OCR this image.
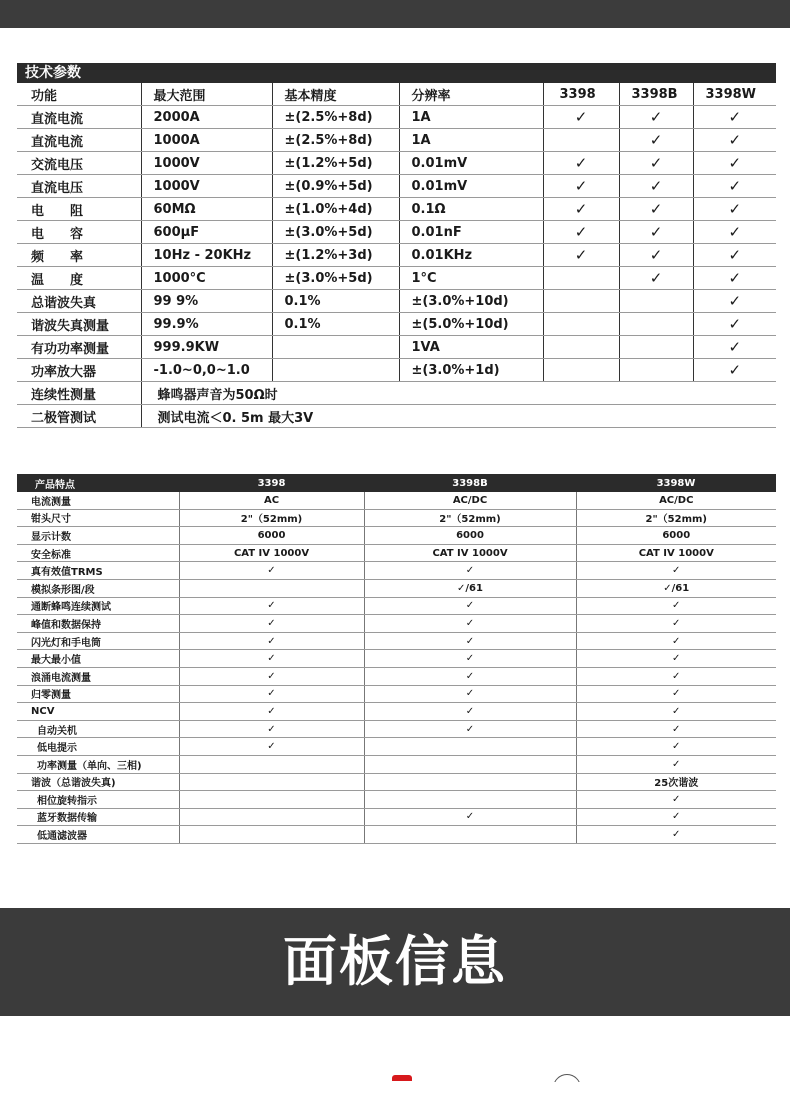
技术参数
功能	最大范围	基本精度	分辨率	3398	3398B	3398W
直流电流	2000A	±(2.5%+8d)	1A	✓	✓	✓
直流电流	1000A	±(2.5%+8d)	1A		✓	✓
交流电压	1000V	±(1.2%+5d)	0.01mV	✓	✓	✓
直流电压	1000V	±(0.9%+5d)	0.01mV	✓	✓	✓
电　　阻	60MΩ	±(1.0%+4d)	0.1Ω	✓	✓	✓
电　　容	600μF	±(3.0%+5d)	0.01nF	✓	✓	✓
频　　率	10Hz - 20KHz	±(1.2%+3d)	0.01KHz	✓	✓	✓
温　　度	1000°C	±(3.0%+5d)	1°C		✓	✓
总谐波失真	99 9%	0.1%	±(3.0%+10d)			✓
谐波失真测量	99.9%	0.1%	±(5.0%+10d)			✓
有功功率测量	999.9KW		1VA			✓
功率放大器	-1.0~0,0~1.0		±(3.0%+1d)			✓
连续性测量	蜂鸣器声音为50Ω时					
二极管测试	测试电流＜0. 5m 最大3V					
产品特点	3398	3398B	3398W
电流测量	AC	AC/DC	AC/DC
钳头尺寸	2"（52mm)	2"（52mm)	2"（52mm)
显示计数	6000	6000	6000
安全标准	CAT IV 1000V	CAT IV 1000V	CAT IV 1000V
真有效值TRMS	✓	✓	✓
模拟条形图/段		✓/61	✓/61
通断蜂鸣连续测试	✓	✓	✓
峰值和数据保持	✓	✓	✓
闪光灯和手电筒	✓	✓	✓
最大最小值	✓	✓	✓
浪涌电流测量	✓	✓	✓
归零测量	✓	✓	✓
NCV	✓	✓	✓
自动关机	✓	✓	✓
低电提示	✓		✓
功率测量（单向、三相)			✓
谐波（总谐波失真)			25次谐波
相位旋转指示			✓
蓝牙数据传输		✓	✓
低通滤波器			✓
面板信息
